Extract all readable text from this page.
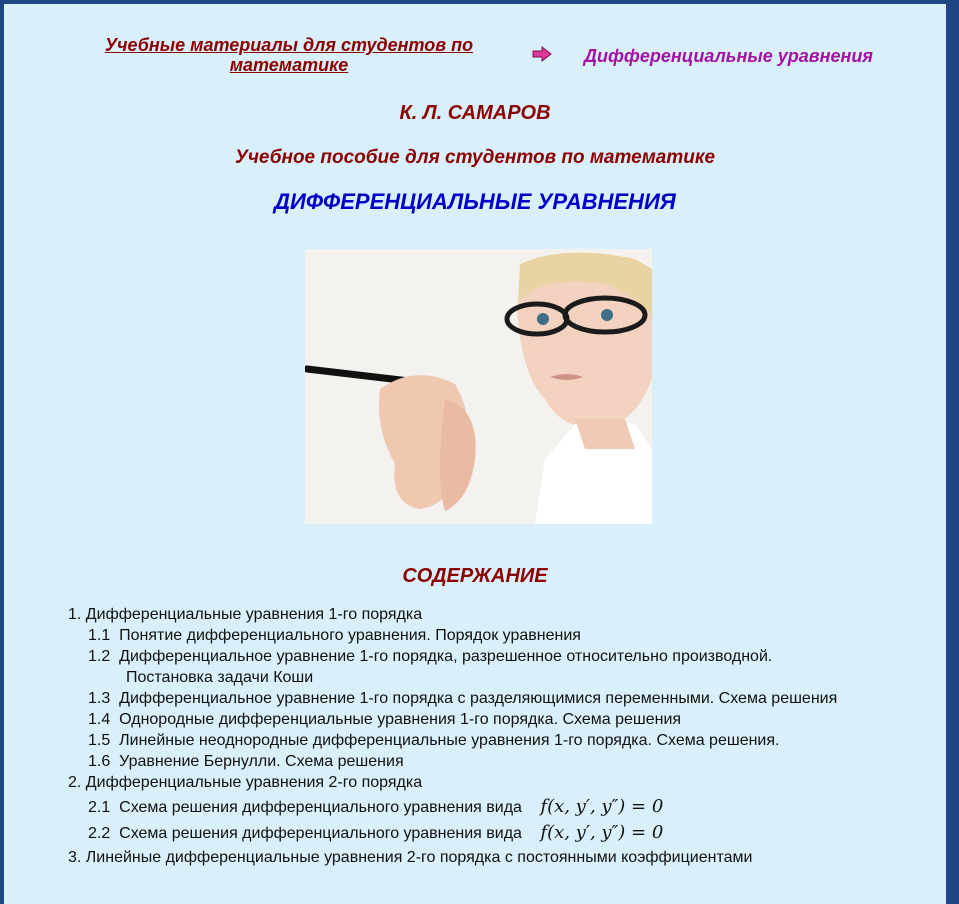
Учебные материалы для студентов по математике	Дифференциальные уравнения
К. Л. САМАРОВ
Учебное пособие для студентов по математике
ДИФФЕРЕНЦИАЛЬНЫЕ УРАВНЕНИЯ
СОДЕРЖАНИЕ
1. Дифференциальные уравнения 1-го порядка
1.1 Понятие дифференциального уравнения. Порядок уравнения
1.2 Дифференциальное уравнение 1-го порядка, разрешенное относительно производной.
Постановка задачи Коши
1.3 Дифференциальное уравнение 1-го порядка с разделяющимися переменными. Схема решения
1.4 Однородные дифференциальные уравнения 1-го порядка. Схема решения
1.5 Линейные неоднородные дифференциальные уравнения 1-го порядка. Схема решения.
1.6 Уравнение Бернулли. Схема решения
2. Дифференциальные уравнения 2-го порядка
2.1 Схема решения дифференциального уравнения вида f(x, y′, y″) = 0
2.2 Схема решения дифференциального уравнения вида f(x, y′, y″) = 0
3. Линейные дифференциальные уравнения 2-го порядка с постоянными коэффициентами
